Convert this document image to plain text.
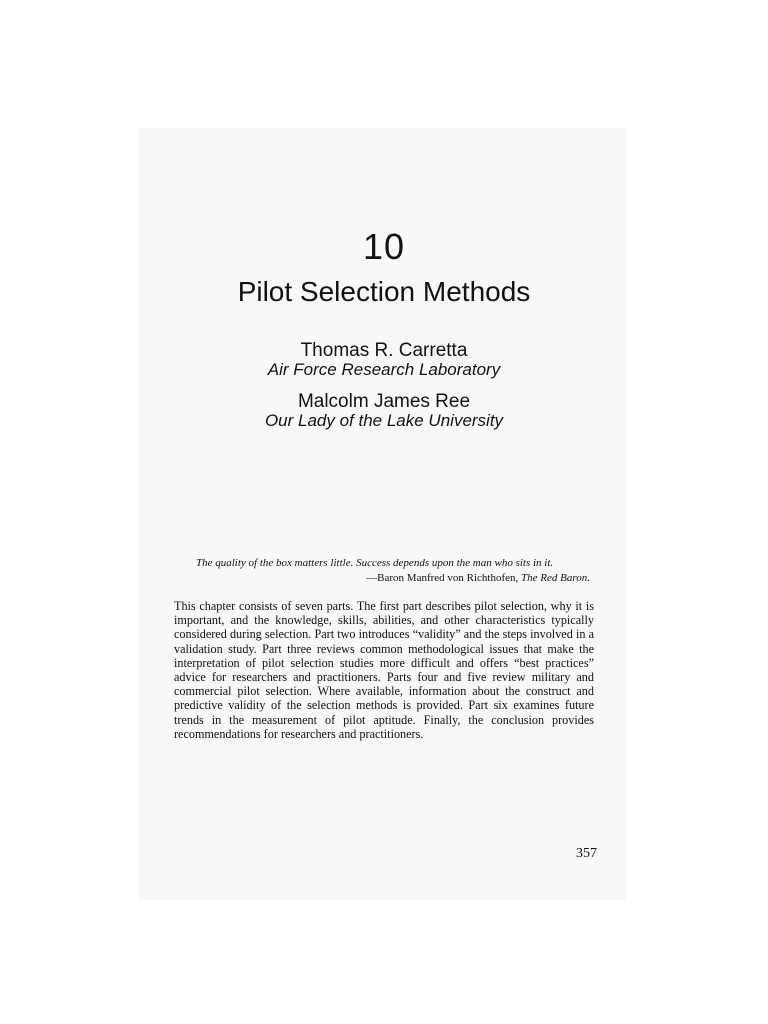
10
Pilot Selection Methods
Thomas R. Carretta
Air Force Research Laboratory
Malcolm James Ree
Our Lady of the Lake University
The quality of the box matters little. Success depends upon the man who sits in it.
—Baron Manfred von Richthofen, The Red Baron.
This chapter consists of seven parts. The first part describes pilot selection, why it is important, and the knowledge, skills, abilities, and other characteristics typically considered during selection. Part two introduces “validity” and the steps involved in a validation study. Part three reviews common methodological issues that make the interpretation of pilot selection studies more difficult and offers “best practices” advice for researchers and practitioners. Parts four and five review military and commercial pilot selection. Where available, information about the construct and predictive validity of the selection methods is provided. Part six examines future trends in the measurement of pilot aptitude. Finally, the conclusion provides recommendations for researchers and practitioners.
357
